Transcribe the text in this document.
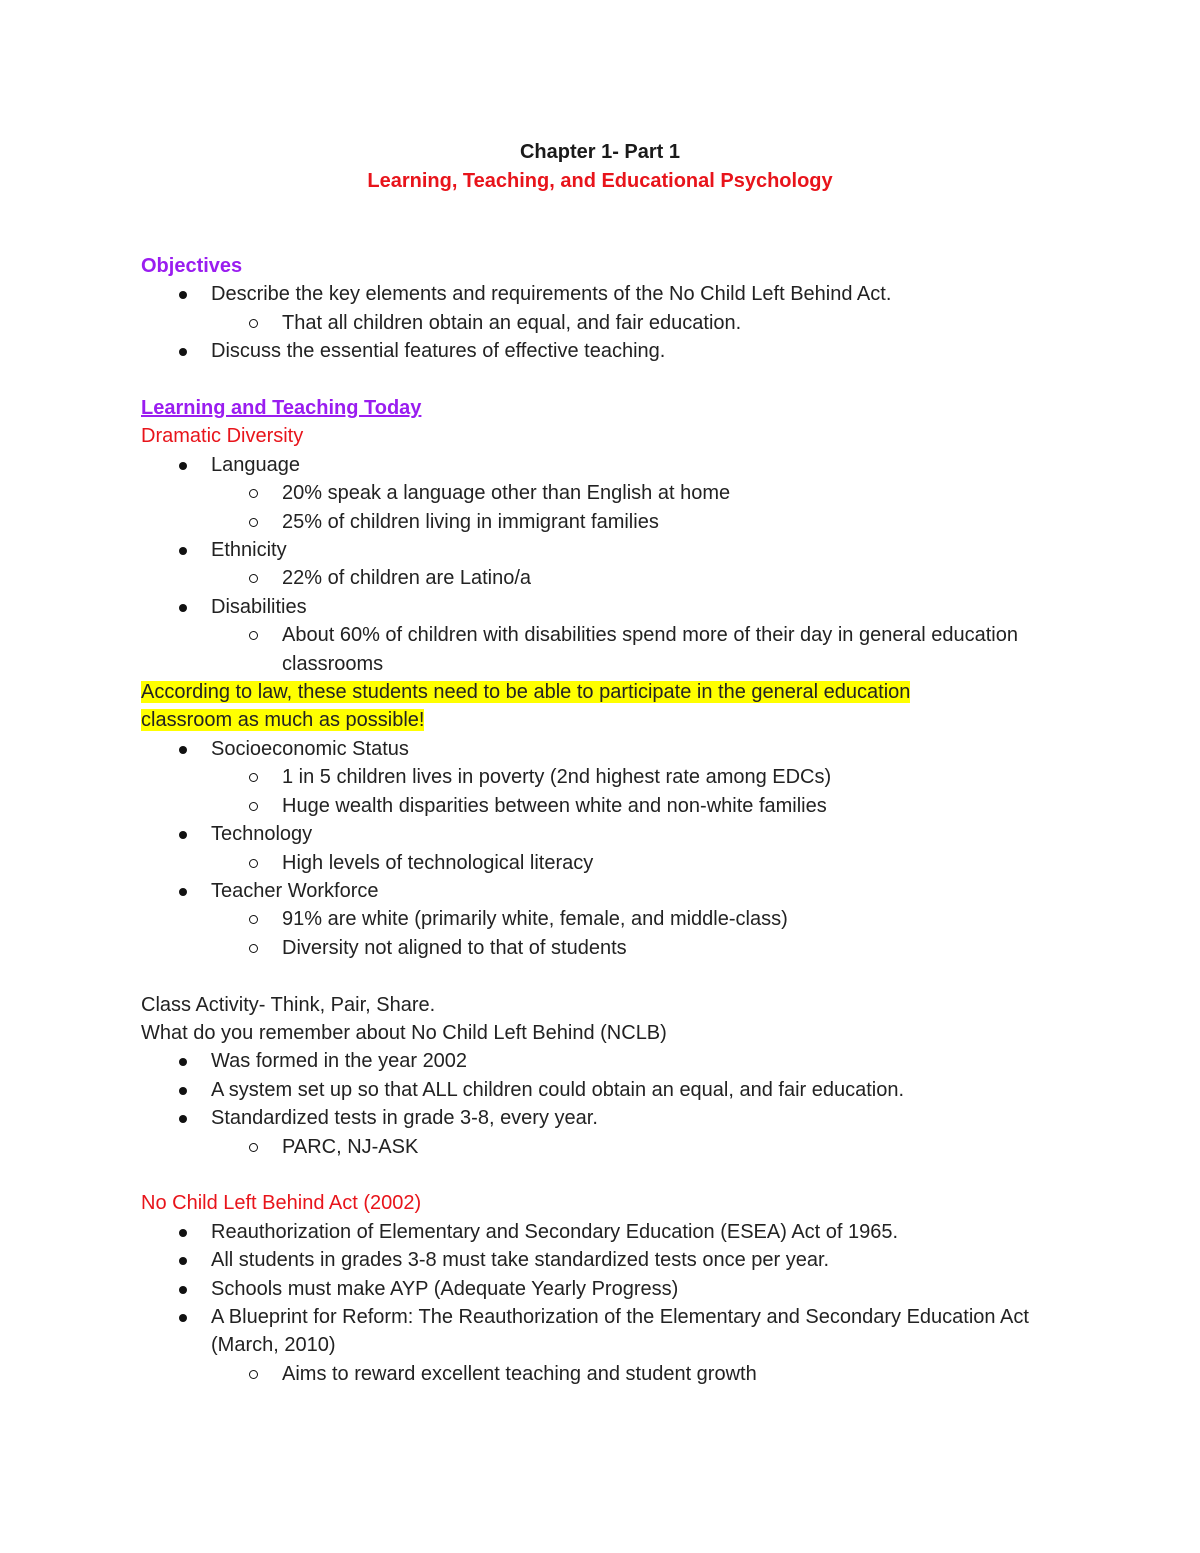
Chapter 1- Part 1
Learning, Teaching, and Educational Psychology
Objectives
Describe the key elements and requirements of the No Child Left Behind Act.
That all children obtain an equal, and fair education.
Discuss the essential features of effective teaching.
Learning and Teaching Today
Dramatic Diversity
Language
20% speak a language other than English at home
25% of children living in immigrant families
Ethnicity
22% of children are Latino/a
Disabilities
About 60% of children with disabilities spend more of their day in general education classrooms
According to law, these students need to be able to participate in the general education
classroom as much as possible!
Socioeconomic Status
1 in 5 children lives in poverty (2nd highest rate among EDCs)
Huge wealth disparities between white and non-white families
Technology
High levels of technological literacy
Teacher Workforce
91% are white (primarily white, female, and middle-class)
Diversity not aligned to that of students
Class Activity- Think, Pair, Share.
What do you remember about No Child Left Behind (NCLB)
Was formed in the year 2002
A system set up so that ALL children could obtain an equal, and fair education.
Standardized tests in grade 3-8, every year.
PARC, NJ-ASK
No Child Left Behind Act (2002)
Reauthorization of Elementary and Secondary Education (ESEA) Act of 1965.
All students in grades 3-8 must take standardized tests once per year.
Schools must make AYP (Adequate Yearly Progress)
A Blueprint for Reform: The Reauthorization of the Elementary and Secondary Education Act (March, 2010)
Aims to reward excellent teaching and student growth
